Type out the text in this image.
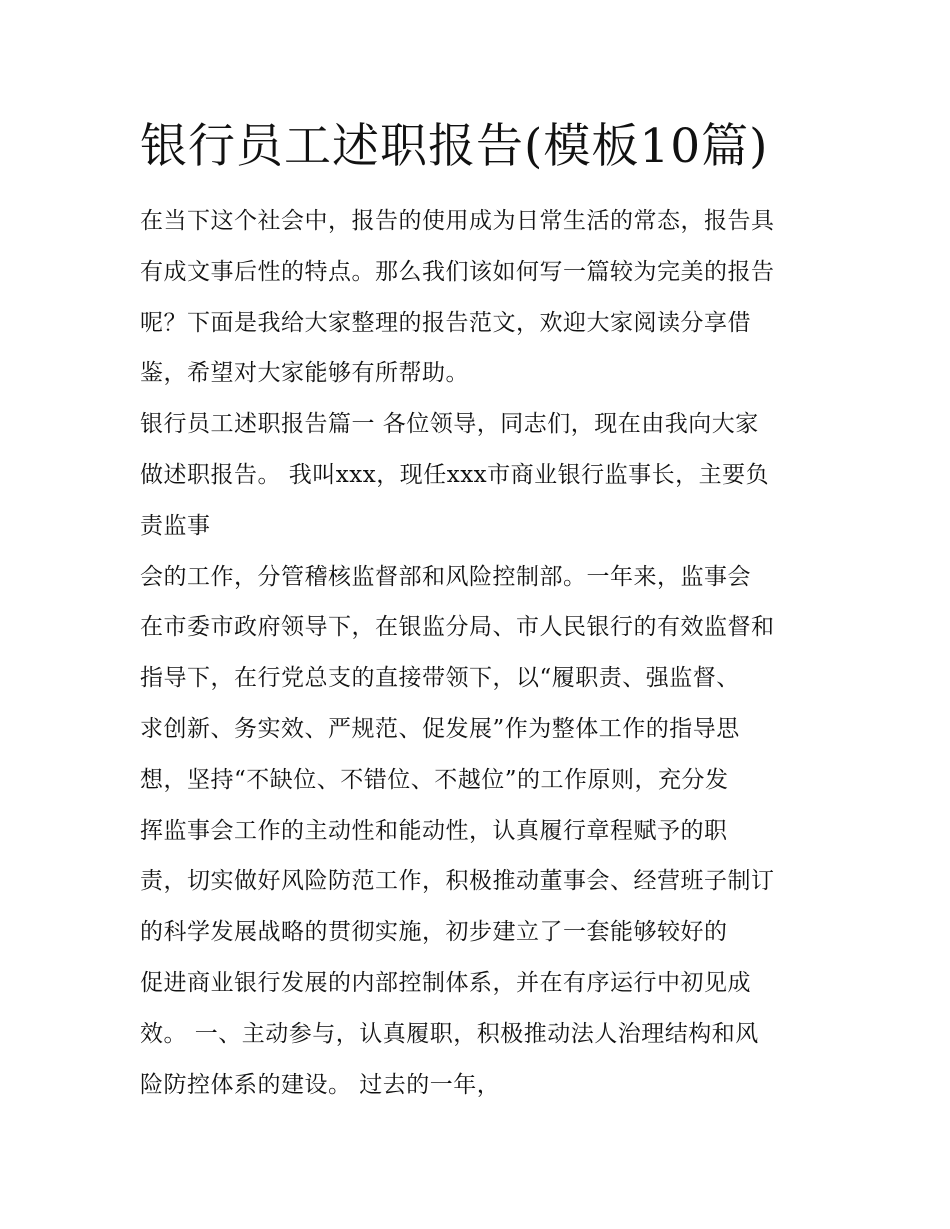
银行员工述职报告(模板10篇)
在当下这个社会中，报告的使用成为日常生活的常态，报告具
有成文事后性的特点。那么我们该如何写一篇较为完美的报告
呢？下面是我给大家整理的报告范文，欢迎大家阅读分享借
鉴，希望对大家能够有所帮助。
银行员工述职报告篇一 各位领导，同志们，现在由我向大家
做述职报告。 我叫xxx，现任xxx市商业银行监事长，主要负
责监事
会的工作，分管稽核监督部和风险控制部。一年来，监事会
在市委市政府领导下，在银监分局、市人民银行的有效监督和
指导下，在行党总支的直接带领下，以“履职责、强监督、
求创新、务实效、严规范、促发展”作为整体工作的指导思
想，坚持“不缺位、不错位、不越位”的工作原则，充分发
挥监事会工作的主动性和能动性，认真履行章程赋予的职
责，切实做好风险防范工作，积极推动董事会、经营班子制订
的科学发展战略的贯彻实施，初步建立了一套能够较好的
促进商业银行发展的内部控制体系，并在有序运行中初见成
效。 一、主动参与，认真履职，积极推动法人治理结构和风
险防控体系的建设。 过去的一年，
